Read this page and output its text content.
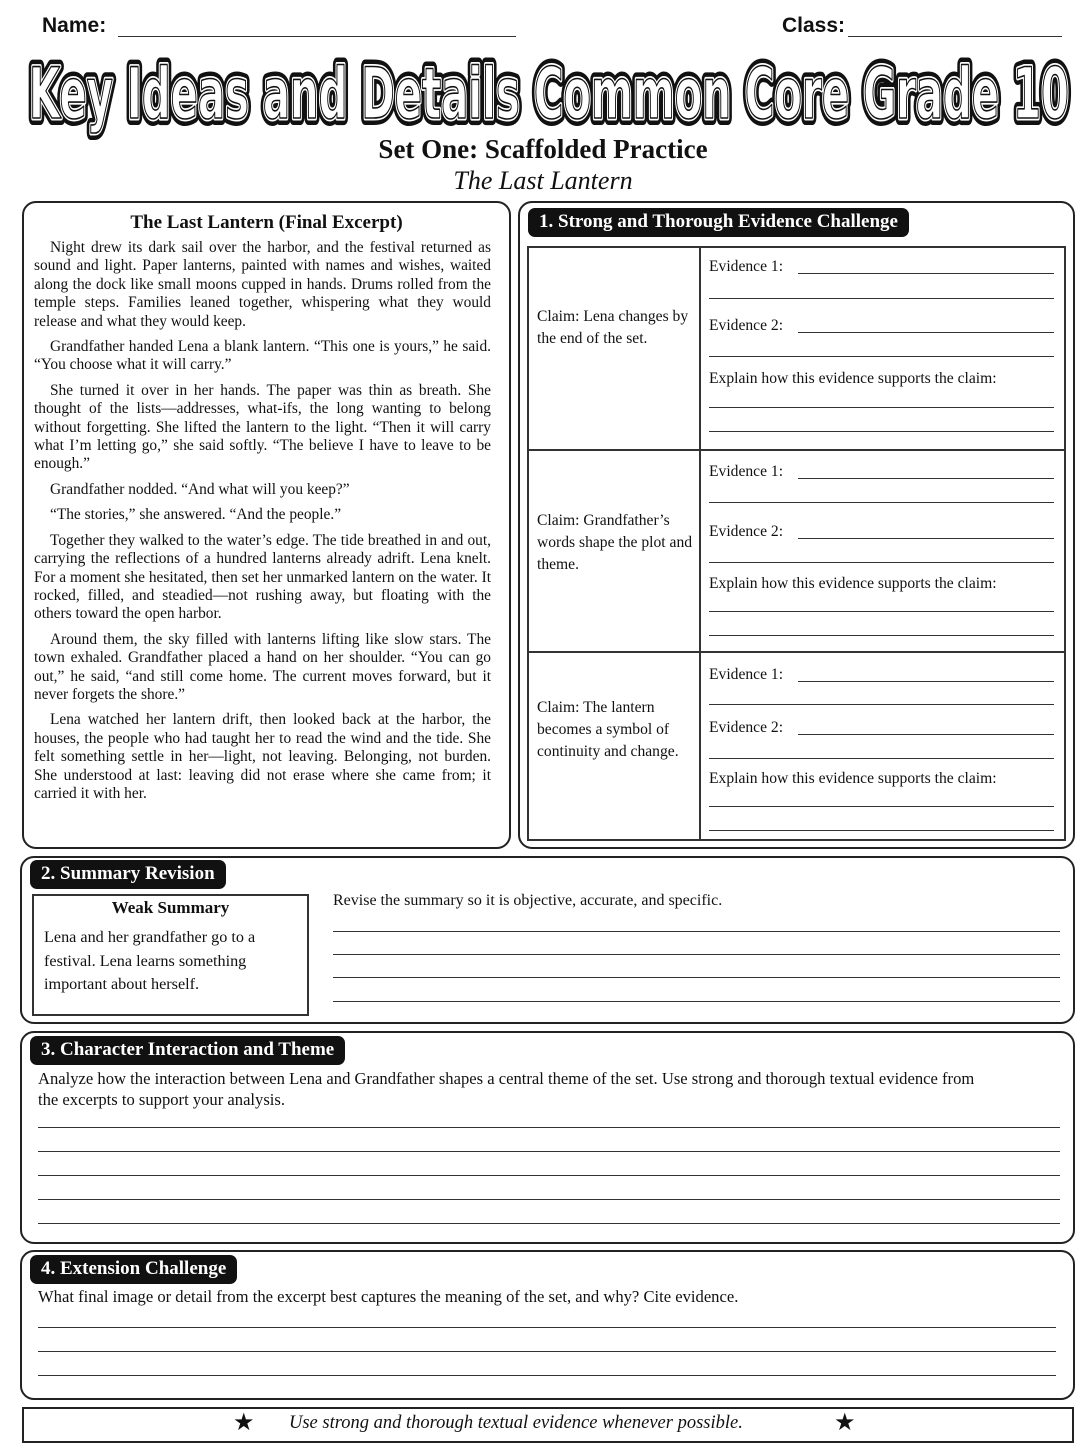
Name:	Class:
Key Ideas and Details Common Core Grade 10
Key Ideas and Details Common Core Grade 10
Key Ideas and Details Common Core Grade 10
Set One: Scaffolded Practice
The Last Lantern
The Last Lantern (Final Excerpt)

Night drew its dark sail over the harbor, and the festival returned as sound and light. Paper lanterns, painted with names and wishes, waited along the dock like small moons cupped in hands. Drums rolled from the temple steps. Families leaned together, whispering what they would release and what they would keep.

Grandfather handed Lena a blank lantern. “This one is yours,” he said. “You choose what it will carry.”

She turned it over in her hands. The paper was thin as breath. She thought of the lists—addresses, what-ifs, the long wanting to belong without forgetting. She lifted the lantern to the light. “Then it will carry what I’m letting go,” she said softly. “The believe I have to leave to be enough.”

Grandfather nodded. “And what will you keep?”

“The stories,” she answered. “And the people.”

Together they walked to the water’s edge. The tide breathed in and out, carrying the reflections of a hundred lanterns already adrift. Lena knelt. For a moment she hesitated, then set her unmarked lantern on the water. It rocked, filled, and steadied—not rushing away, but floating with the others toward the open harbor.

Around them, the sky filled with lanterns lifting like slow stars. The town exhaled. Grandfather placed a hand on her shoulder. “You can go out,” he said, “and still come home. The current moves forward, but it never forgets the shore.”

Lena watched her lantern drift, then looked back at the harbor, the houses, the people who had taught her to read the wind and the tide. She felt something settle in her—light, not leaving. Belonging, not burden. She understood at last: leaving did not erase where she came from; it carried it with her.

1. Strong and Thorough Evidence Challenge
Claim: Lena changes by the end of the set.
Evidence 1:
Evidence 2:
Explain how this evidence supports the claim:
Claim: Grandfather’s words shape the plot and theme.
Evidence 1:
Evidence 2:
Explain how this evidence supports the claim:
Claim: The lantern becomes a symbol of continuity and change.
Evidence 1:
Evidence 2:
Explain how this evidence supports the claim:
2. Summary Revision
Weak Summary
Lena and her grandfather go to a festival. Lena learns something important about herself.
Revise the summary so it is objective, accurate, and specific.
3. Character Interaction and Theme
Analyze how the interaction between Lena and Grandfather shapes a central theme of the set. Use strong and thorough textual evidence from the excerpts to support your analysis.
4. Extension Challenge
What final image or detail from the excerpt best captures the meaning of the set, and why? Cite evidence.
★ Use strong and thorough textual evidence whenever possible.	★
